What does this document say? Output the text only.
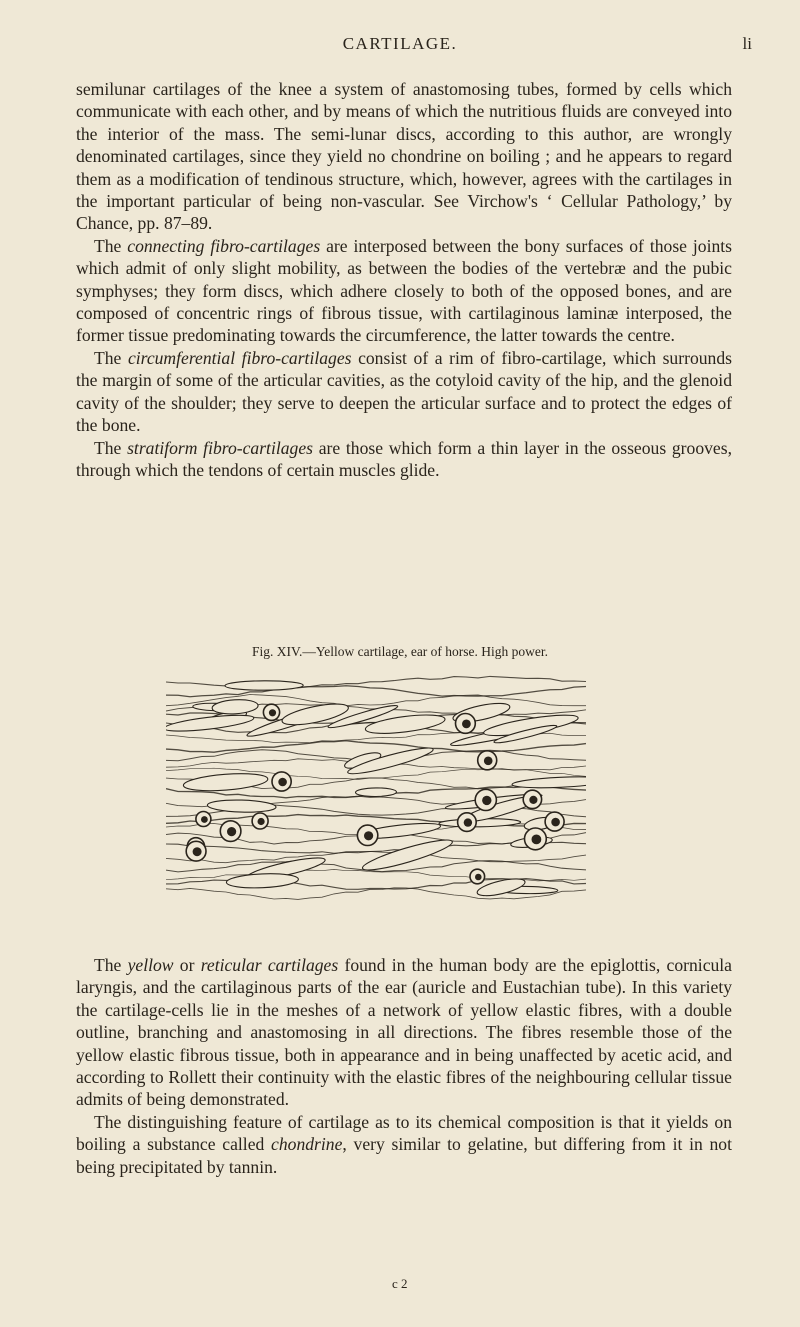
CARTILAGE.	li

semilunar cartilages of the knee a system of anastomosing tubes, formed by cells which communicate with each other, and by means of which the nutritious fluids are conveyed into the interior of the mass. The semi-lunar discs, according to this author, are wrongly denominated cartilages, since they yield no chondrine on boiling ; and he appears to regard them as a modification of tendinous structure, which, however, agrees with the cartilages in the important particular of being non-vascular. See Virchow's ‘ Cellular Pathology,’ by Chance, pp. 87–89.

The connecting fibro-cartilages are interposed between the bony surfaces of those joints which admit of only slight mobility, as between the bodies of the vertebræ and the pubic symphyses; they form discs, which adhere closely to both of the opposed bones, and are composed of concentric rings of fibrous tissue, with cartilaginous laminæ interposed, the former tissue predominating towards the circumference, the latter towards the centre.

The circumferential fibro-cartilages consist of a rim of fibro-cartilage, which surrounds the margin of some of the articular cavities, as the cotyloid cavity of the hip, and the glenoid cavity of the shoulder; they serve to deepen the articular surface and to protect the edges of the bone.

The stratiform fibro-cartilages are those which form a thin layer in the osseous grooves, through which the tendons of certain muscles glide.

Fig. XIV.—Yellow cartilage, ear of horse. High power.

The yellow or reticular cartilages found in the human body are the epiglottis, cornicula laryngis, and the cartilaginous parts of the ear (auricle and Eustachian tube). In this variety the cartilage-cells lie in the meshes of a network of yellow elastic fibres, with a double outline, branching and anastomosing in all directions. The fibres resemble those of the yellow elastic fibrous tissue, both in appearance and in being unaffected by acetic acid, and according to Rollett their continuity with the elastic fibres of the neighbouring cellular tissue admits of being demonstrated.

The distinguishing feature of cartilage as to its chemical composition is that it yields on boiling a substance called chondrine, very similar to gelatine, but differing from it in not being precipitated by tannin.

c 2
